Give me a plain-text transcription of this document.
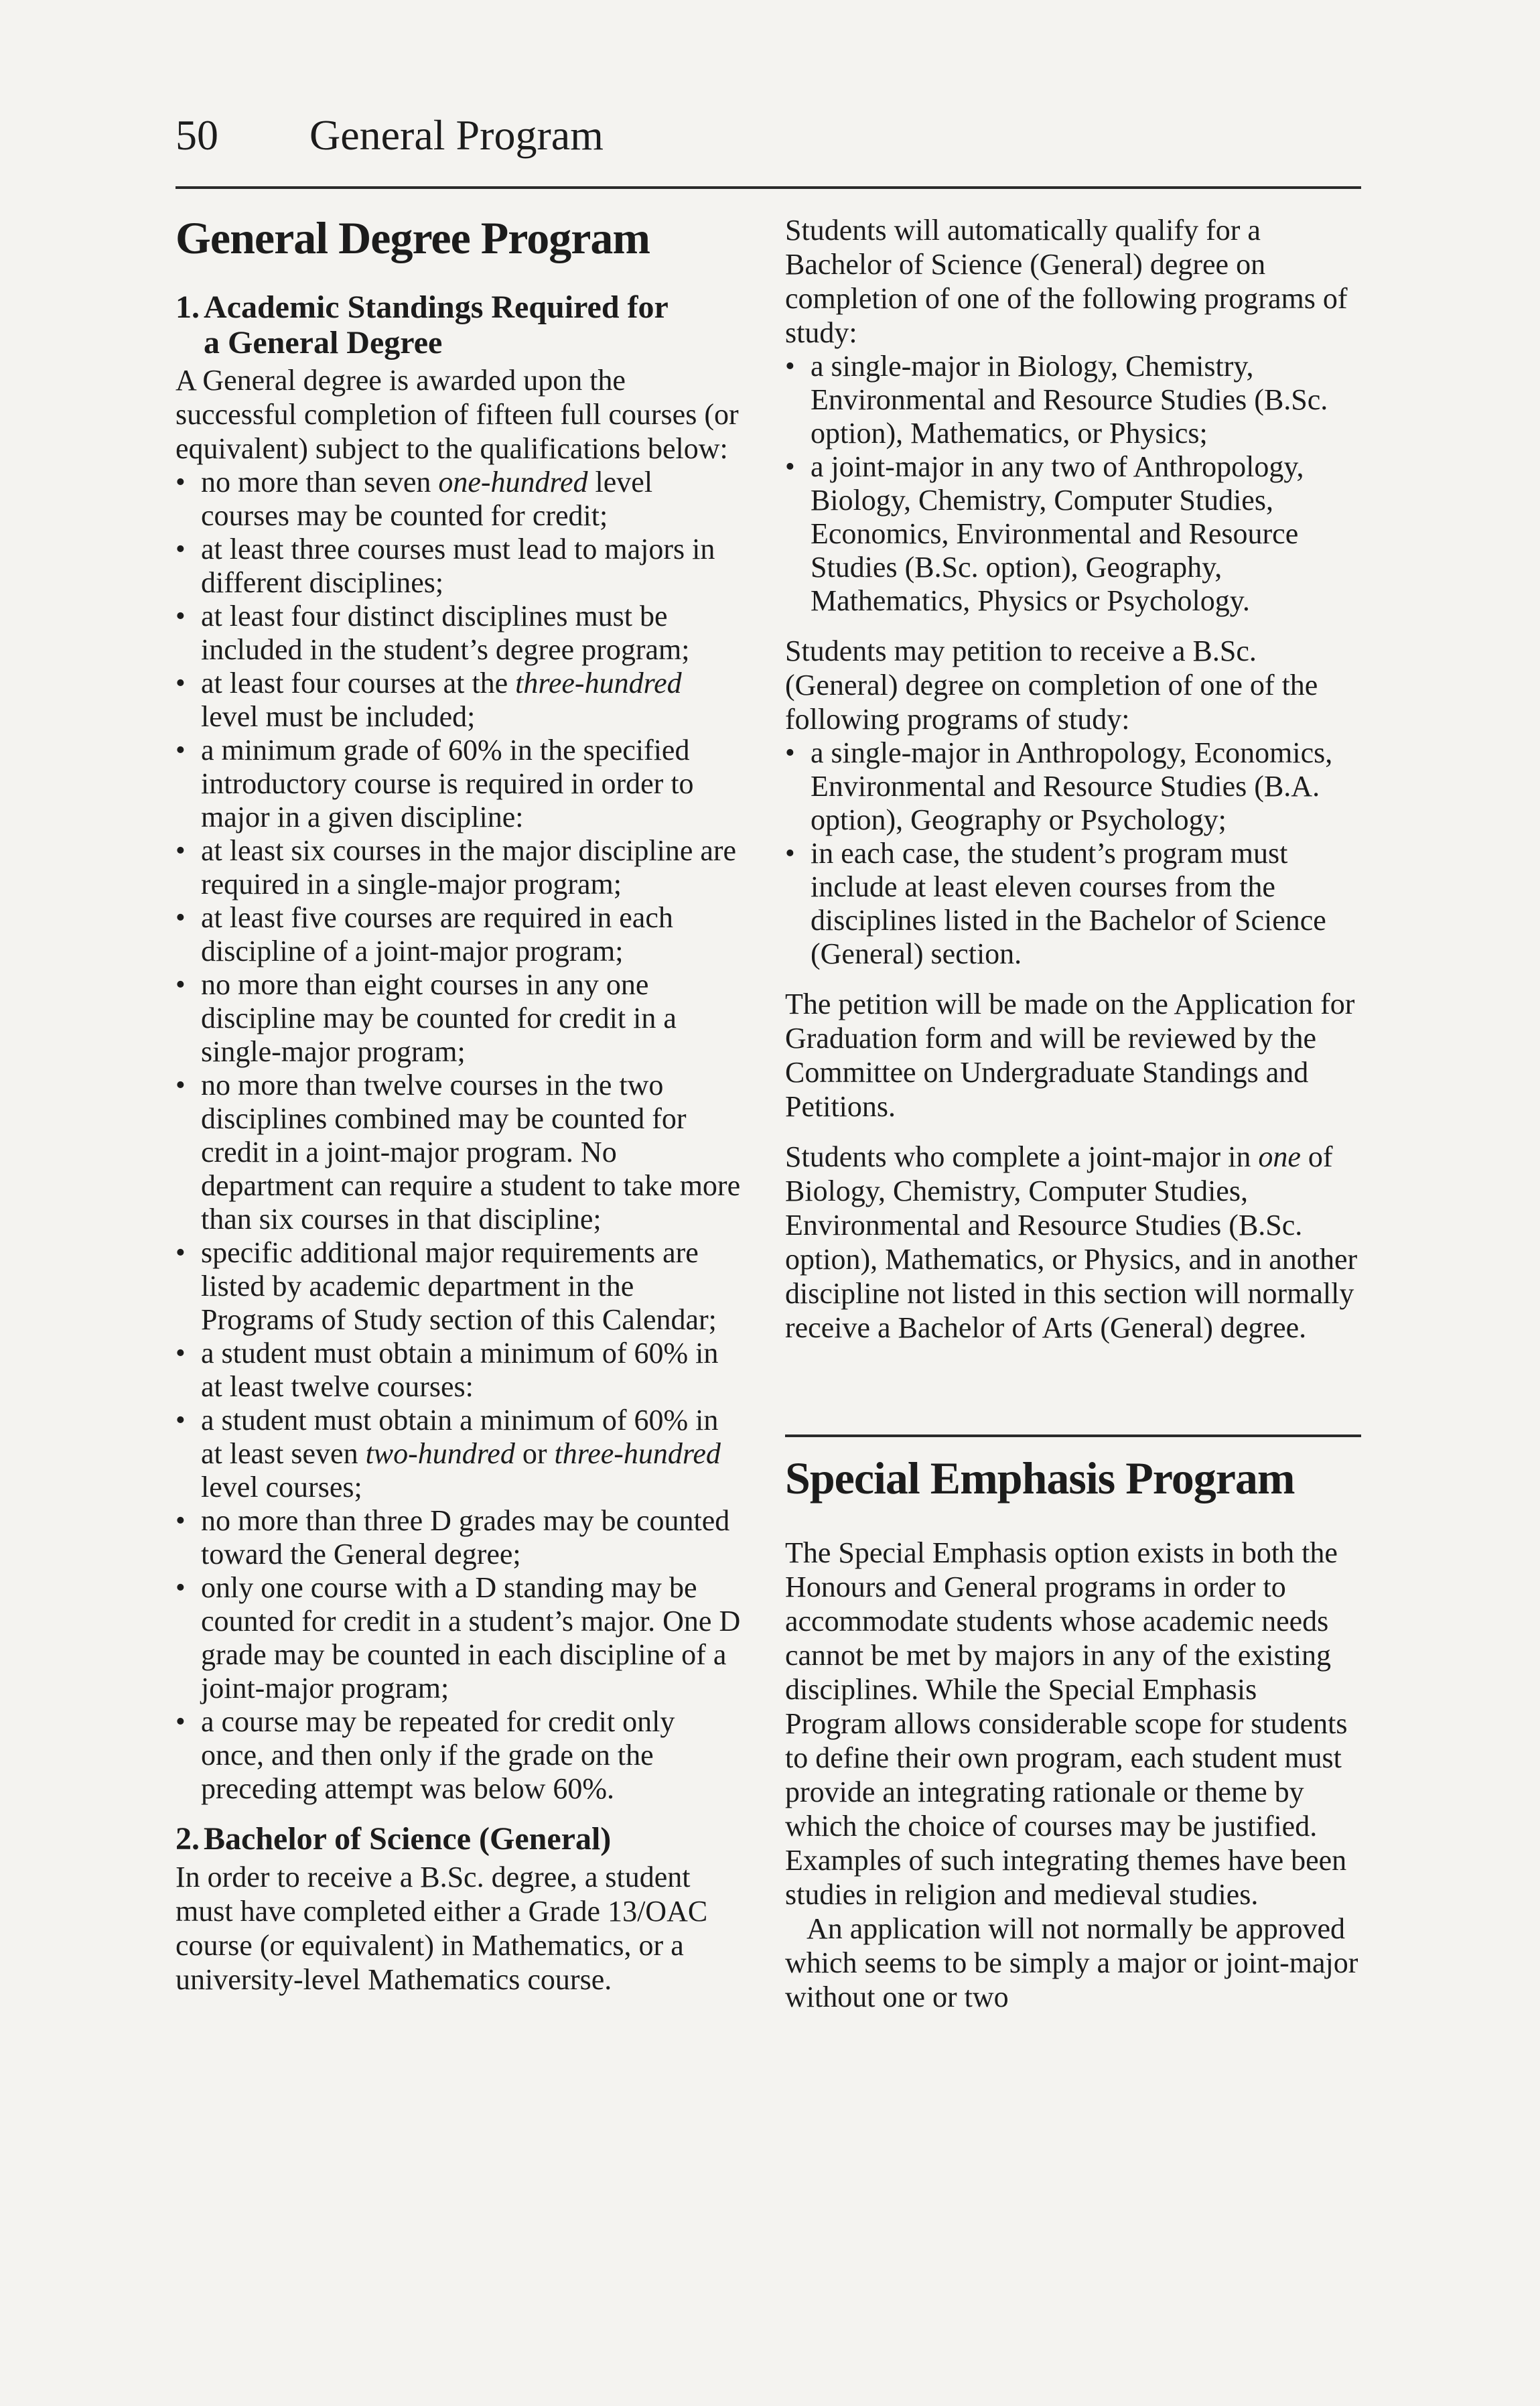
50 General Program
General Degree Program
1. Academic Standings Required for
a General Degree

A General degree is awarded upon the successful completion of fifteen full courses (or equivalent) subject to the qualifications below:

• no more than seven one-hundred level courses may be counted for credit;
• at least three courses must lead to majors in different disciplines;
• at least four distinct disciplines must be included in the student’s degree program;
• at least four courses at the three-hundred level must be included;
• a minimum grade of 60% in the specified introductory course is required in order to major in a given discipline:
• at least six courses in the major discipline are required in a single-major program;
• at least five courses are required in each discipline of a joint-major program;
• no more than eight courses in any one discipline may be counted for credit in a single-major program;
• no more than twelve courses in the two disciplines combined may be counted for credit in a joint-major program. No department can require a student to take more than six courses in that discipline;
• specific additional major requirements are listed by academic department in the Programs of Study section of this Calendar;
• a student must obtain a minimum of 60% in at least twelve courses:
• a student must obtain a minimum of 60% in at least seven two-hundred or three-hundred level courses;
• no more than three D grades may be counted toward the General degree;
• only one course with a D standing may be counted for credit in a student’s major. One D grade may be counted in each discipline of a joint-major program;
• a course may be repeated for credit only once, and then only if the grade on the preceding attempt was below 60%.
2. Bachelor of Science (General)

In order to receive a B.Sc. degree, a student must have completed either a Grade 13/OAC course (or equivalent) in Mathematics, or a university-level Mathematics course.

Students will automatically qualify for a Bachelor of Science (General) degree on completion of one of the following programs of study:

• a single-major in Biology, Chemistry, Environmental and Resource Studies (B.Sc. option), Mathematics, or Physics;
• a joint-major in any two of Anthropology, Biology, Chemistry, Computer Studies, Economics, Environmental and Resource Studies (B.Sc. option), Geography, Mathematics, Physics or Psychology.

Students may petition to receive a B.Sc. (General) degree on completion of one of the following programs of study:

• a single-major in Anthropology, Economics, Environmental and Resource Studies (B.A. option), Geography or Psychology;
• in each case, the student’s program must include at least eleven courses from the disciplines listed in the Bachelor of Science (General) section.

The petition will be made on the Application for Graduation form and will be reviewed by the Committee on Undergraduate Standings and Petitions.

Students who complete a joint-major in one of Biology, Chemistry, Computer Studies, Environmental and Resource Studies (B.Sc. option), Mathematics, or Physics, and in another discipline not listed in this section will normally receive a Bachelor of Arts (General) degree.

Special Emphasis Program

The Special Emphasis option exists in both the Honours and General programs in order to accommodate students whose academic needs cannot be met by majors in any of the existing disciplines. While the Special Emphasis Program allows considerable scope for students to define their own program, each student must provide an integrating rationale or theme by which the choice of courses may be justified. Examples of such integrating themes have been studies in religion and medieval studies.

An application will not normally be approved which seems to be simply a major or joint-major without one or two
